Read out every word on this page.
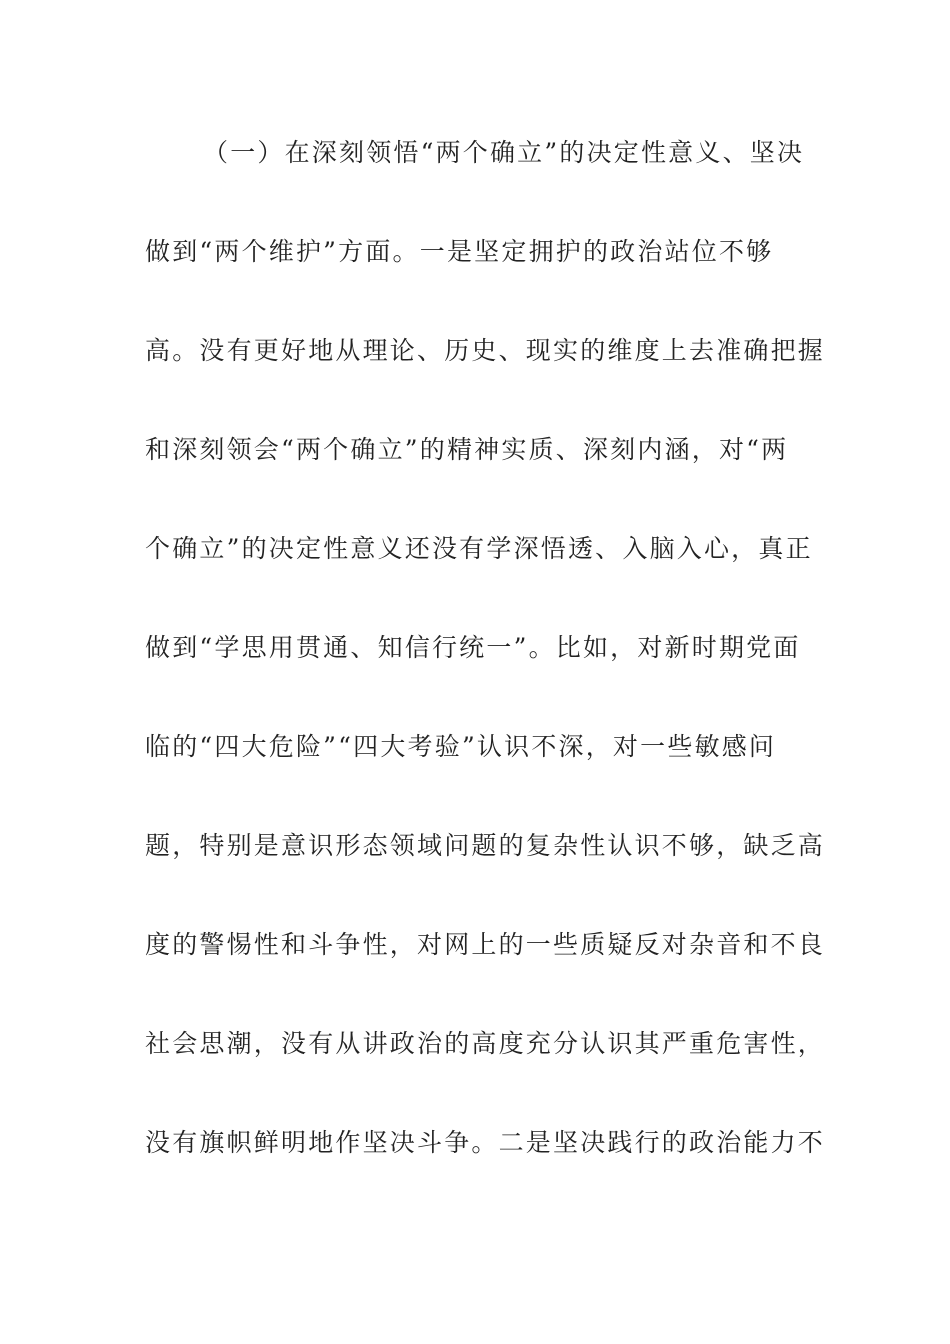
（一）在深刻领悟“两个确立”的决定性意义、坚决
做到“两个维护”方面。一是坚定拥护的政治站位不够
高。没有更好地从理论、历史、现实的维度上去准确把握
和深刻领会“两个确立”的精神实质、深刻内涵，对“两
个确立”的决定性意义还没有学深悟透、入脑入心，真正
做到“学思用贯通、知信行统一”。比如，对新时期党面
临的“四大危险”“四大考验”认识不深，对一些敏感问
题，特别是意识形态领域问题的复杂性认识不够，缺乏高
度的警惕性和斗争性，对网上的一些质疑反对杂音和不良
社会思潮，没有从讲政治的高度充分认识其严重危害性，
没有旗帜鲜明地作坚决斗争。二是坚决践行的政治能力不
